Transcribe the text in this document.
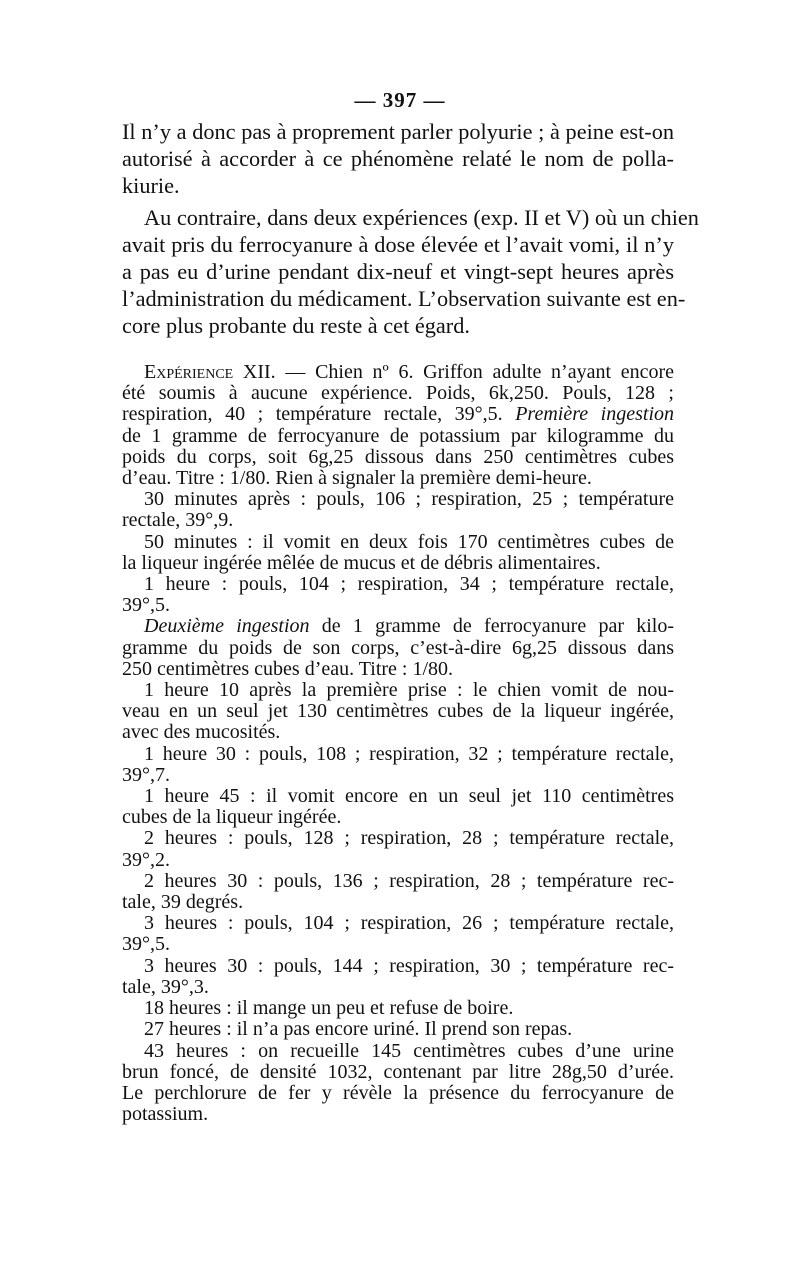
— 397 —
Il n’y a donc pas à proprement parler polyurie ; à peine est-on
autorisé à accorder à ce phénomène relaté le nom de polla-
kiurie.
Au contraire, dans deux expériences (exp. II et V) où un chien
avait pris du ferrocyanure à dose élevée et l’avait vomi, il n’y
a pas eu d’urine pendant dix-neuf et vingt-sept heures après
l’administration du médicament. L’observation suivante est en-
core plus probante du reste à cet égard.
Expérience XII. — Chien nº 6. Griffon adulte n’ayant encore
été soumis à aucune expérience. Poids, 6k,250. Pouls, 128 ;
respiration, 40 ; température rectale, 39°,5. Première ingestion
de 1 gramme de ferrocyanure de potassium par kilogramme du
poids du corps, soit 6g,25 dissous dans 250 centimètres cubes
d’eau. Titre : 1/80. Rien à signaler la première demi-heure.
30 minutes après : pouls, 106 ; respiration, 25 ; température
rectale, 39°,9.
50 minutes : il vomit en deux fois 170 centimètres cubes de
la liqueur ingérée mêlée de mucus et de débris alimentaires.
1 heure : pouls, 104 ; respiration, 34 ; température rectale,
39°,5.
Deuxième ingestion de 1 gramme de ferrocyanure par kilo-
gramme du poids de son corps, c’est-à-dire 6g,25 dissous dans
250 centimètres cubes d’eau. Titre : 1/80.
1 heure 10 après la première prise : le chien vomit de nou-
veau en un seul jet 130 centimètres cubes de la liqueur ingérée,
avec des mucosités.
1 heure 30 : pouls, 108 ; respiration, 32 ; température rectale,
39°,7.
1 heure 45 : il vomit encore en un seul jet 110 centimètres
cubes de la liqueur ingérée.
2 heures : pouls, 128 ; respiration, 28 ; température rectale,
39°,2.
2 heures 30 : pouls, 136 ; respiration, 28 ; température rec-
tale, 39 degrés.
3 heures : pouls, 104 ; respiration, 26 ; température rectale,
39°,5.
3 heures 30 : pouls, 144 ; respiration, 30 ; température rec-
tale, 39°,3.
18 heures : il mange un peu et refuse de boire.
27 heures : il n’a pas encore uriné. Il prend son repas.
43 heures : on recueille 145 centimètres cubes d’une urine
brun foncé, de densité 1032, contenant par litre 28g,50 d’urée.
Le perchlorure de fer y révèle la présence du ferrocyanure de
potassium.
